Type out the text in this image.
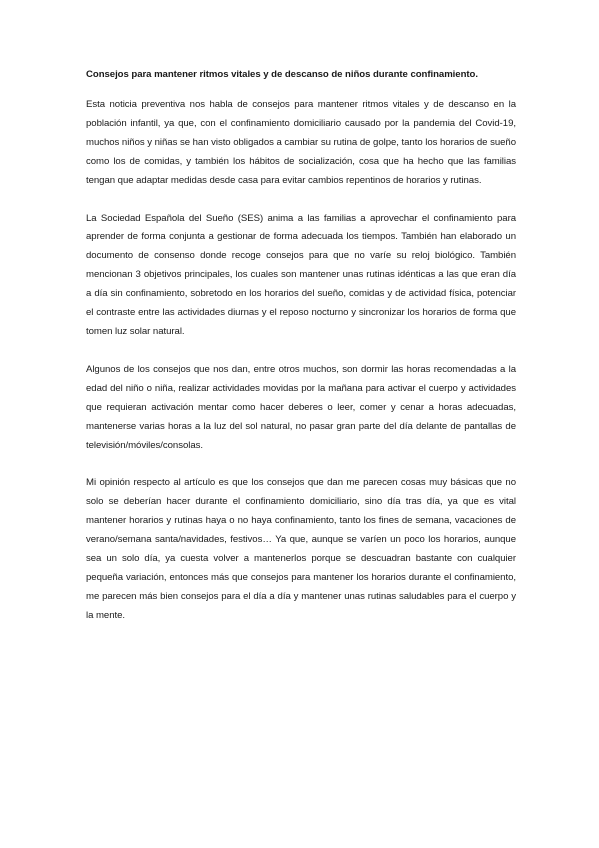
Consejos para mantener ritmos vitales y de descanso de niños durante confinamiento.

Esta noticia preventiva nos habla de consejos para mantener ritmos vitales y de descanso en la población infantil, ya que, con el confinamiento domiciliario causado por la pandemia del Covid-19, muchos niños y niñas se han visto obligados a cambiar su rutina de golpe, tanto los horarios de sueño como los de comidas, y también los hábitos de socialización, cosa que ha hecho que las familias tengan que adaptar medidas desde casa para evitar cambios repentinos de horarios y rutinas.

La Sociedad Española del Sueño (SES) anima a las familias a aprovechar el confinamiento para aprender de forma conjunta a gestionar de forma adecuada los tiempos. También han elaborado un documento de consenso donde recoge consejos para que no varíe su reloj biológico. También mencionan 3 objetivos principales, los cuales son mantener unas rutinas idénticas a las que eran día a día sin confinamiento, sobretodo en los horarios del sueño, comidas y de actividad física, potenciar el contraste entre las actividades diurnas y el reposo nocturno y sincronizar los horarios de forma que tomen luz solar natural.

Algunos de los consejos que nos dan, entre otros muchos, son dormir las horas recomendadas a la edad del niño o niña, realizar actividades movidas por la mañana para activar el cuerpo y actividades que requieran activación mentar como hacer deberes o leer, comer y cenar a horas adecuadas, mantenerse varias horas a la luz del sol natural, no pasar gran parte del día delante de pantallas de televisión/móviles/consolas.

Mi opinión respecto al artículo es que los consejos que dan me parecen cosas muy básicas que no solo se deberían hacer durante el confinamiento domiciliario, sino día tras día, ya que es vital mantener horarios y rutinas haya o no haya confinamiento, tanto los fines de semana, vacaciones de verano/semana santa/navidades, festivos… Ya que, aunque se varíen un poco los horarios, aunque sea un solo día, ya cuesta volver a mantenerlos porque se descuadran bastante con cualquier pequeña variación, entonces más que consejos para mantener los horarios durante el confinamiento, me parecen más bien consejos para el día a día y mantener unas rutinas saludables para el cuerpo y la mente.
